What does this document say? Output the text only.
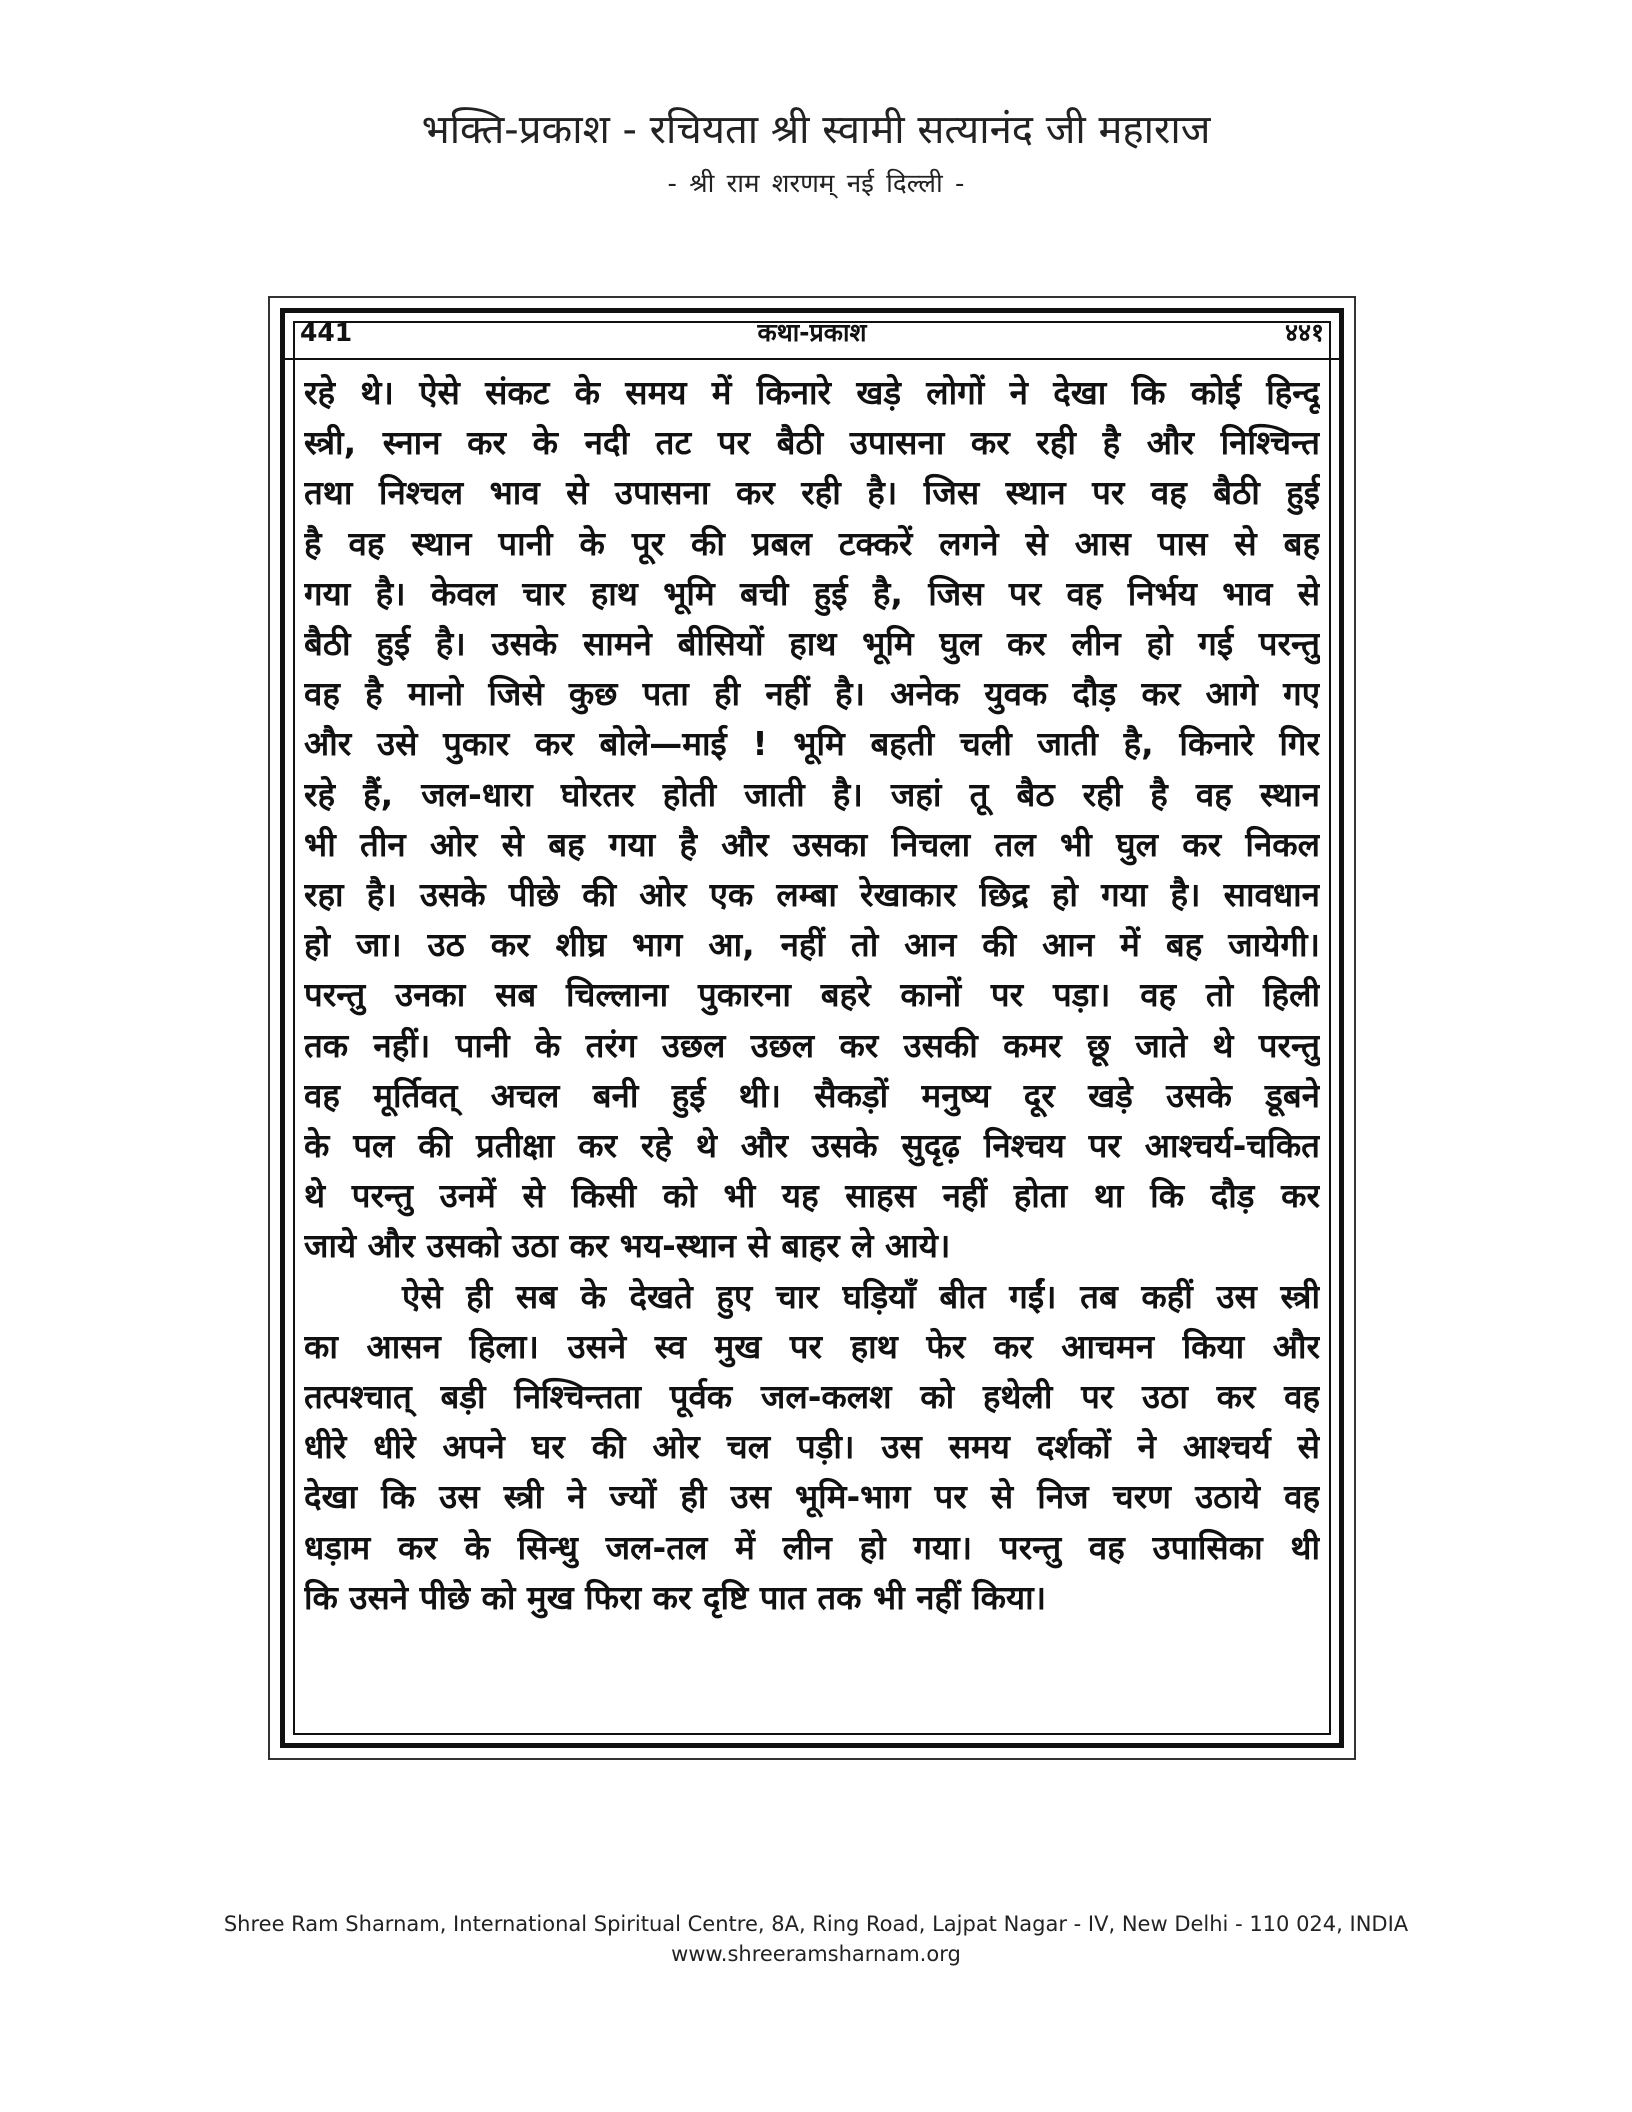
भक्ति-प्रकाश - रचियता श्री स्वामी सत्यानंद जी महाराज
- श्री राम शरणम् नई दिल्ली -
441	कथा-प्रकाश	४४१
रहे थे। ऐसे संकट के समय में किनारे खड़े लोगों ने देखा कि कोई हिन्दू
स्त्री, स्नान कर के नदी तट पर बैठी उपासना कर रही है और निश्चिन्त
तथा निश्चल भाव से उपासना कर रही है। जिस स्थान पर वह बैठी हुई
है वह स्थान पानी के पूर की प्रबल टक्करें लगने से आस पास से बह
गया है। केवल चार हाथ भूमि बची हुई है, जिस पर वह निर्भय भाव से
बैठी हुई है। उसके सामने बीसियों हाथ भूमि घुल कर लीन हो गई परन्तु
वह है मानो जिसे कुछ पता ही नहीं है। अनेक युवक दौड़ कर आगे गए
और उसे पुकार कर बोले—माई ! भूमि बहती चली जाती है, किनारे गिर
रहे हैं, जल-धारा घोरतर होती जाती है। जहां तू बैठ रही है वह स्थान
भी तीन ओर से बह गया है और उसका निचला तल भी घुल कर निकल
रहा है। उसके पीछे की ओर एक लम्बा रेखाकार छिद्र हो गया है। सावधान
हो जा। उठ कर शीघ्र भाग आ, नहीं तो आन की आन में बह जायेगी।
परन्तु उनका सब चिल्लाना पुकारना बहरे कानों पर पड़ा। वह तो हिली
तक नहीं। पानी के तरंग उछल उछल कर उसकी कमर छू जाते थे परन्तु
वह मूर्तिवत् अचल बनी हुई थी। सैकड़ों मनुष्य दूर खड़े उसके डूबने
के पल की प्रतीक्षा कर रहे थे और उसके सुदृढ़ निश्चय पर आश्चर्य-चकित
थे परन्तु उनमें से किसी को भी यह साहस नहीं होता था कि दौड़ कर
जाये और उसको उठा कर भय-स्थान से बाहर ले आये।
ऐसे ही सब के देखते हुए चार घड़ियाँ बीत गईं। तब कहीं उस स्त्री
का आसन हिला। उसने स्व मुख पर हाथ फेर कर आचमन किया और
तत्पश्चात् बड़ी निश्चिन्तता पूर्वक जल-कलश को हथेली पर उठा कर वह
धीरे धीरे अपने घर की ओर चल पड़ी। उस समय दर्शकों ने आश्चर्य से
देखा कि उस स्त्री ने ज्यों ही उस भूमि-भाग पर से निज चरण उठाये वह
धड़ाम कर के सिन्धु जल-तल में लीन हो गया। परन्तु वह उपासिका थी
कि उसने पीछे को मुख फिरा कर दृष्टि पात तक भी नहीं किया।
Shree Ram Sharnam, International Spiritual Centre, 8A, Ring Road, Lajpat Nagar - IV, New Delhi - 110 024, INDIA
www.shreeramsharnam.org
